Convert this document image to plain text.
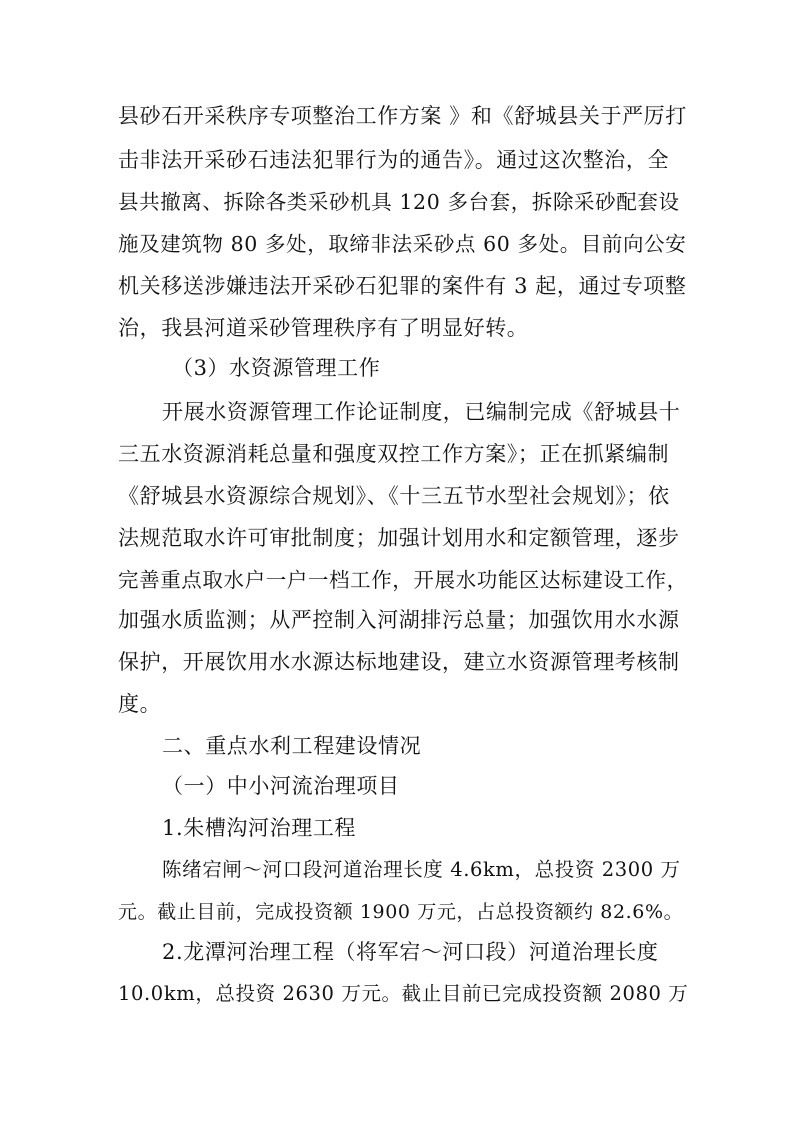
县砂石开采秩序专项整治工作方案 》和《舒城县关于严厉打

击非法开采砂石违法犯罪行为的通告》。通过这次整治，全

县共撤离、拆除各类采砂机具 120 多台套，拆除采砂配套设

施及建筑物 80 多处，取缔非法采砂点 60 多处。目前向公安

机关移送涉嫌违法开采砂石犯罪的案件有 3 起，通过专项整

治，我县河道采砂管理秩序有了明显好转。

（3）水资源管理工作

开展水资源管理工作论证制度，已编制完成《舒城县十

三五水资源消耗总量和强度双控工作方案》；正在抓紧编制

《舒城县水资源综合规划》、《十三五节水型社会规划》；依

法规范取水许可审批制度；加强计划用水和定额管理，逐步

完善重点取水户一户一档工作，开展水功能区达标建设工作，

加强水质监测；从严控制入河湖排污总量；加强饮用水水源

保护，开展饮用水水源达标地建设，建立水资源管理考核制

度。

二、重点水利工程建设情况

（一）中小河流治理项目

1.朱槽沟河治理工程

陈绪宕闸～河口段河道治理长度 4.6km，总投资 2300 万

元。截止目前，完成投资额 1900 万元，占总投资额约 82.6%。

2.龙潭河治理工程（将军宕～河口段）河道治理长度

10.0km，总投资 2630 万元。截止目前已完成投资额 2080 万
